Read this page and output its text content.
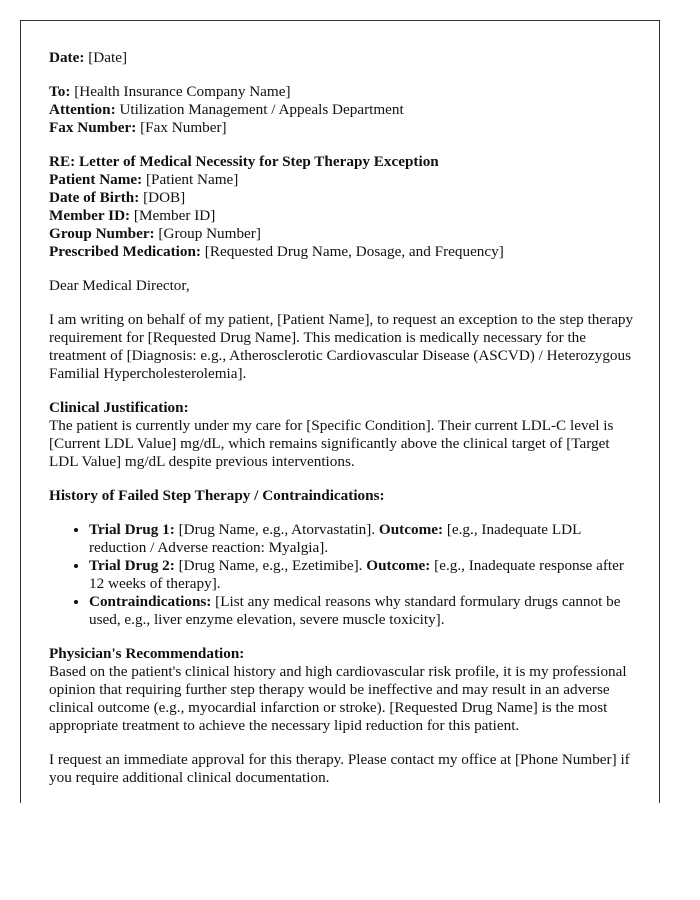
Date: [Date]

To: [Health Insurance Company Name]
Attention: Utilization Management / Appeals Department
Fax Number: [Fax Number]

RE: Letter of Medical Necessity for Step Therapy Exception
Patient Name: [Patient Name]
Date of Birth: [DOB]
Member ID: [Member ID]
Group Number: [Group Number]
Prescribed Medication: [Requested Drug Name, Dosage, and Frequency]

Dear Medical Director,

I am writing on behalf of my patient, [Patient Name], to request an exception to the step therapy requirement for [Requested Drug Name]. This medication is medically necessary for the treatment of [Diagnosis: e.g., Atherosclerotic Cardiovascular Disease (ASCVD) / Heterozygous Familial Hypercholesterolemia].

Clinical Justification:
The patient is currently under my care for [Specific Condition]. Their current LDL-C level is [Current LDL Value] mg/dL, which remains significantly above the clinical target of [Target LDL Value] mg/dL despite previous interventions.

History of Failed Step Therapy / Contraindications:

• Trial Drug 1: [Drug Name, e.g., Atorvastatin]. Outcome: [e.g., Inadequate LDL reduction / Adverse reaction: Myalgia].
• Trial Drug 2: [Drug Name, e.g., Ezetimibe]. Outcome: [e.g., Inadequate response after 12 weeks of therapy].
• Contraindications: [List any medical reasons why standard formulary drugs cannot be used, e.g., liver enzyme elevation, severe muscle toxicity].

Physician's Recommendation:
Based on the patient's clinical history and high cardiovascular risk profile, it is my professional opinion that requiring further step therapy would be ineffective and may result in an adverse clinical outcome (e.g., myocardial infarction or stroke). [Requested Drug Name] is the most appropriate treatment to achieve the necessary lipid reduction for this patient.

I request an immediate approval for this therapy. Please contact my office at [Phone Number] if you require additional clinical documentation.
